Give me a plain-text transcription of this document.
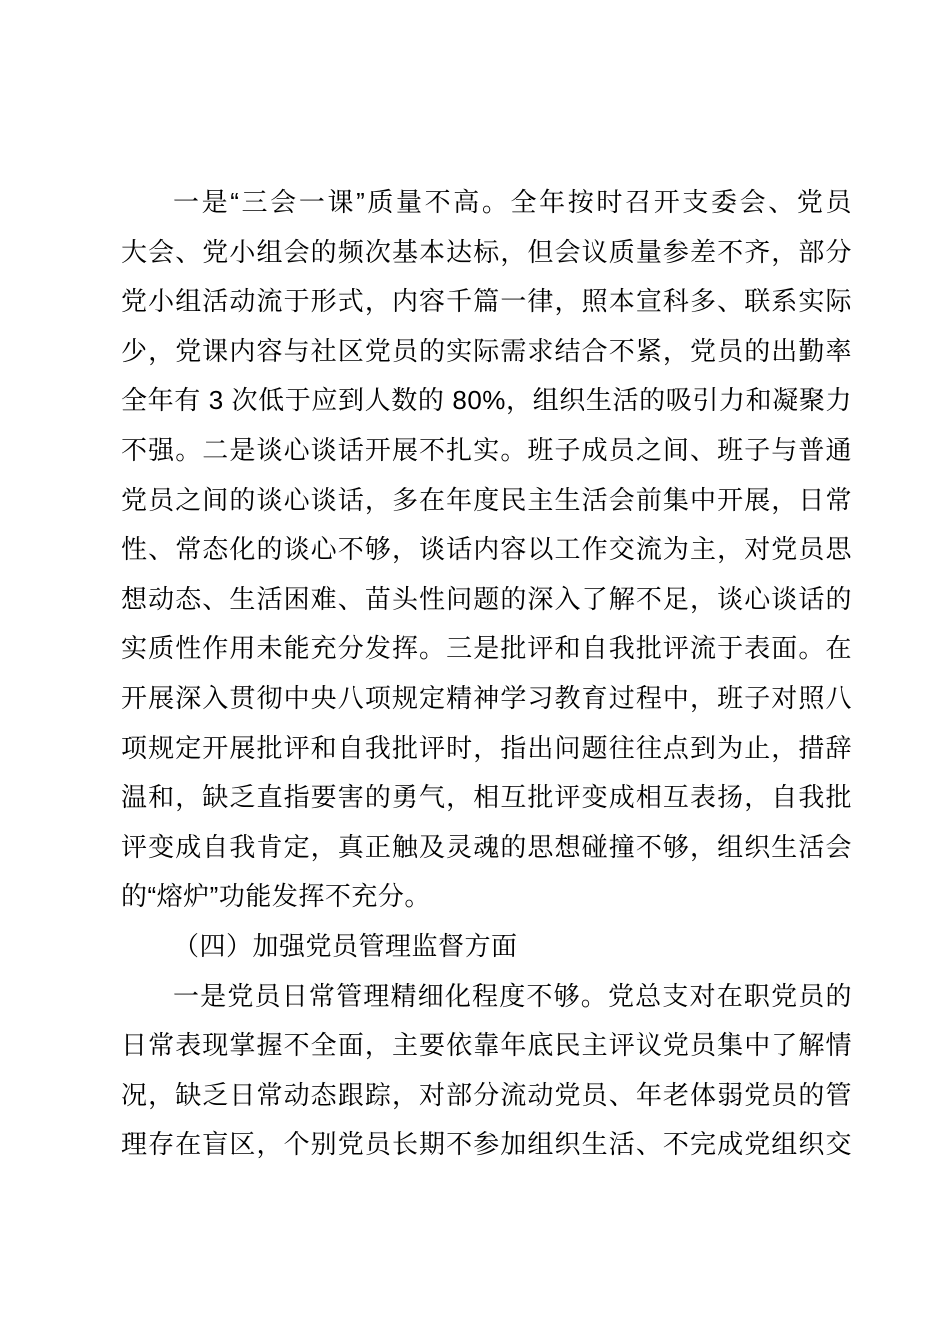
一是“三会一课”质量不高。全年按时召开支委会、党员
大会、党小组会的频次基本达标，但会议质量参差不齐，部分
党小组活动流于形式，内容千篇一律，照本宣科多、联系实际
少，党课内容与社区党员的实际需求结合不紧，党员的出勤率
全年有 3 次低于应到人数的 80%，组织生活的吸引力和凝聚力
不强。二是谈心谈话开展不扎实。班子成员之间、班子与普通
党员之间的谈心谈话，多在年度民主生活会前集中开展，日常
性、常态化的谈心不够，谈话内容以工作交流为主，对党员思
想动态、生活困难、苗头性问题的深入了解不足，谈心谈话的
实质性作用未能充分发挥。三是批评和自我批评流于表面。在
开展深入贯彻中央八项规定精神学习教育过程中，班子对照八
项规定开展批评和自我批评时，指出问题往往点到为止，措辞
温和，缺乏直指要害的勇气，相互批评变成相互表扬，自我批
评变成自我肯定，真正触及灵魂的思想碰撞不够，组织生活会
的“熔炉”功能发挥不充分。
（四）加强党员管理监督方面
一是党员日常管理精细化程度不够。党总支对在职党员的
日常表现掌握不全面，主要依靠年底民主评议党员集中了解情
况，缺乏日常动态跟踪，对部分流动党员、年老体弱党员的管
理存在盲区，个别党员长期不参加组织生活、不完成党组织交
